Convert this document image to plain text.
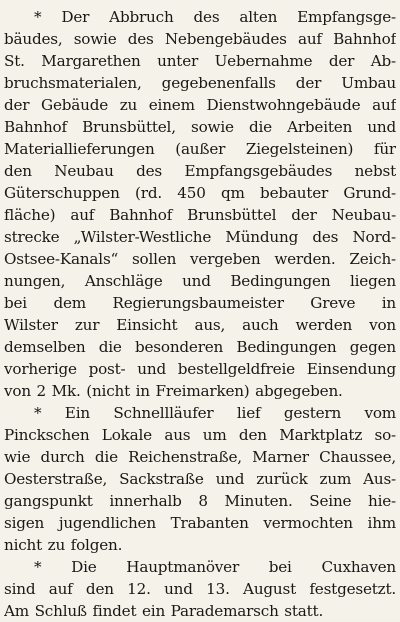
* Der Abbruch des alten Empfangsge-
bäudes, sowie des Nebengebäudes auf Bahnhof
St. Margarethen unter Uebernahme der Ab-
bruchsmaterialen, gegebenenfalls der Umbau
der Gebäude zu einem Dienstwohngebäude auf
Bahnhof Brunsbüttel, sowie die Arbeiten und
Materiallieferungen (außer Ziegelsteinen) für
den Neubau des Empfangsgebäudes nebst
Güterschuppen (rd. 450 qm bebauter Grund-
fläche) auf Bahnhof Brunsbüttel der Neubau-
strecke „Wilster-Westliche Mündung des Nord-
Ostsee-Kanals“ sollen vergeben werden. Zeich-
nungen, Anschläge und Bedingungen liegen
bei dem Regierungsbaumeister Greve in
Wilster zur Einsicht aus, auch werden von
demselben die besonderen Bedingungen gegen
vorherige post- und bestellgeldfreie Einsendung
von 2 Mk. (nicht in Freimarken) abgegeben.
* Ein Schnellläufer lief gestern vom
Pinckschen Lokale aus um den Marktplatz so-
wie durch die Reichenstraße, Marner Chaussee,
Oesterstraße, Sackstraße und zurück zum Aus-
gangspunkt innerhalb 8 Minuten. Seine hie-
sigen jugendlichen Trabanten vermochten ihm
nicht zu folgen.
* Die Hauptmanöver bei Cuxhaven
sind auf den 12. und 13. August festgesetzt.
Am Schluß findet ein Parademarsch statt.
